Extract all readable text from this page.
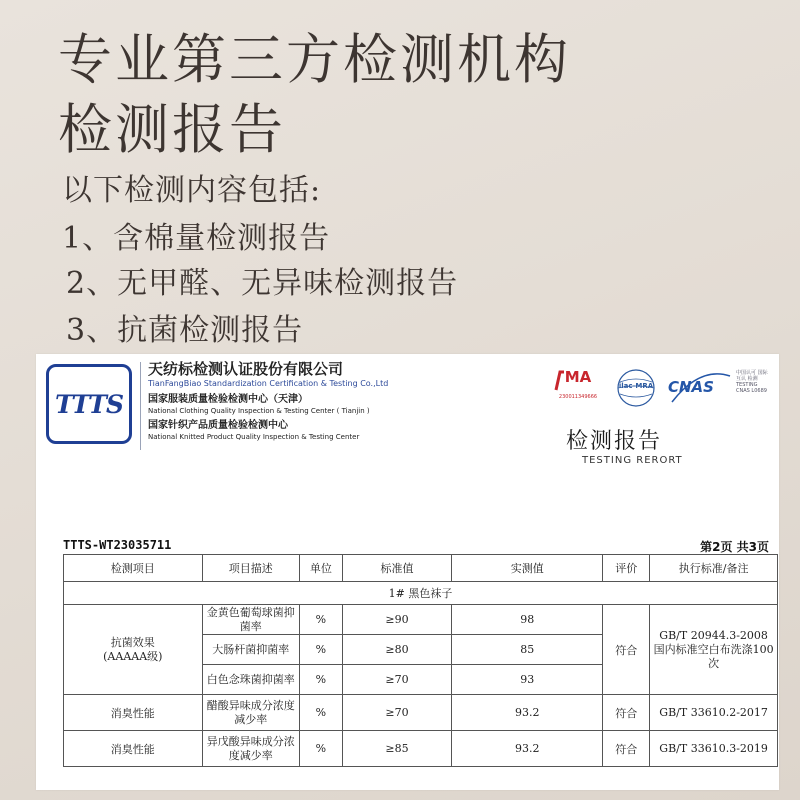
专业第三方检测机构
检测报告

以下检测内容包括:

1、含棉量检测报告

2、无甲醛、无异味检测报告

3、抗菌检测报告

TTTS

天纺标检测认证股份有限公司

TianFangBiao Standardization Certification & Testing Co.,Ltd

国家服装质量检验检测中心（天津）

National Clothing Quality Inspection & Testing Center ( Tianjin )

国家针织产品质量检验检测中心

National Knitted Product Quality Inspection & Testing Center

MA
230011349666
ilac-MRA CNAS
中国认可 国际互认 检测 TESTING CNAS L0689

检测报告

TESTING RERORT

TTTS-WT23035711	第2页 共3页
检测项目	项目描述	单位	标准值	实测值	评价	执行标准/备注
1# 黑色袜子						
抗菌效果
(AAAAA级)	金黄色葡萄球菌抑菌率	%	≥90	98	符合	GB/T 20944.3-2008 国内标准空白布洗涤100次
	大肠杆菌抑菌率	%	≥80	85		
	白色念珠菌抑菌率	%	≥70	93		
消臭性能	醋酸异味成分浓度减少率	%	≥70	93.2	符合	GB/T 33610.2-2017
消臭性能	异戊酸异味成分浓度减少率	%	≥85	93.2	符合	GB/T 33610.3-2019
